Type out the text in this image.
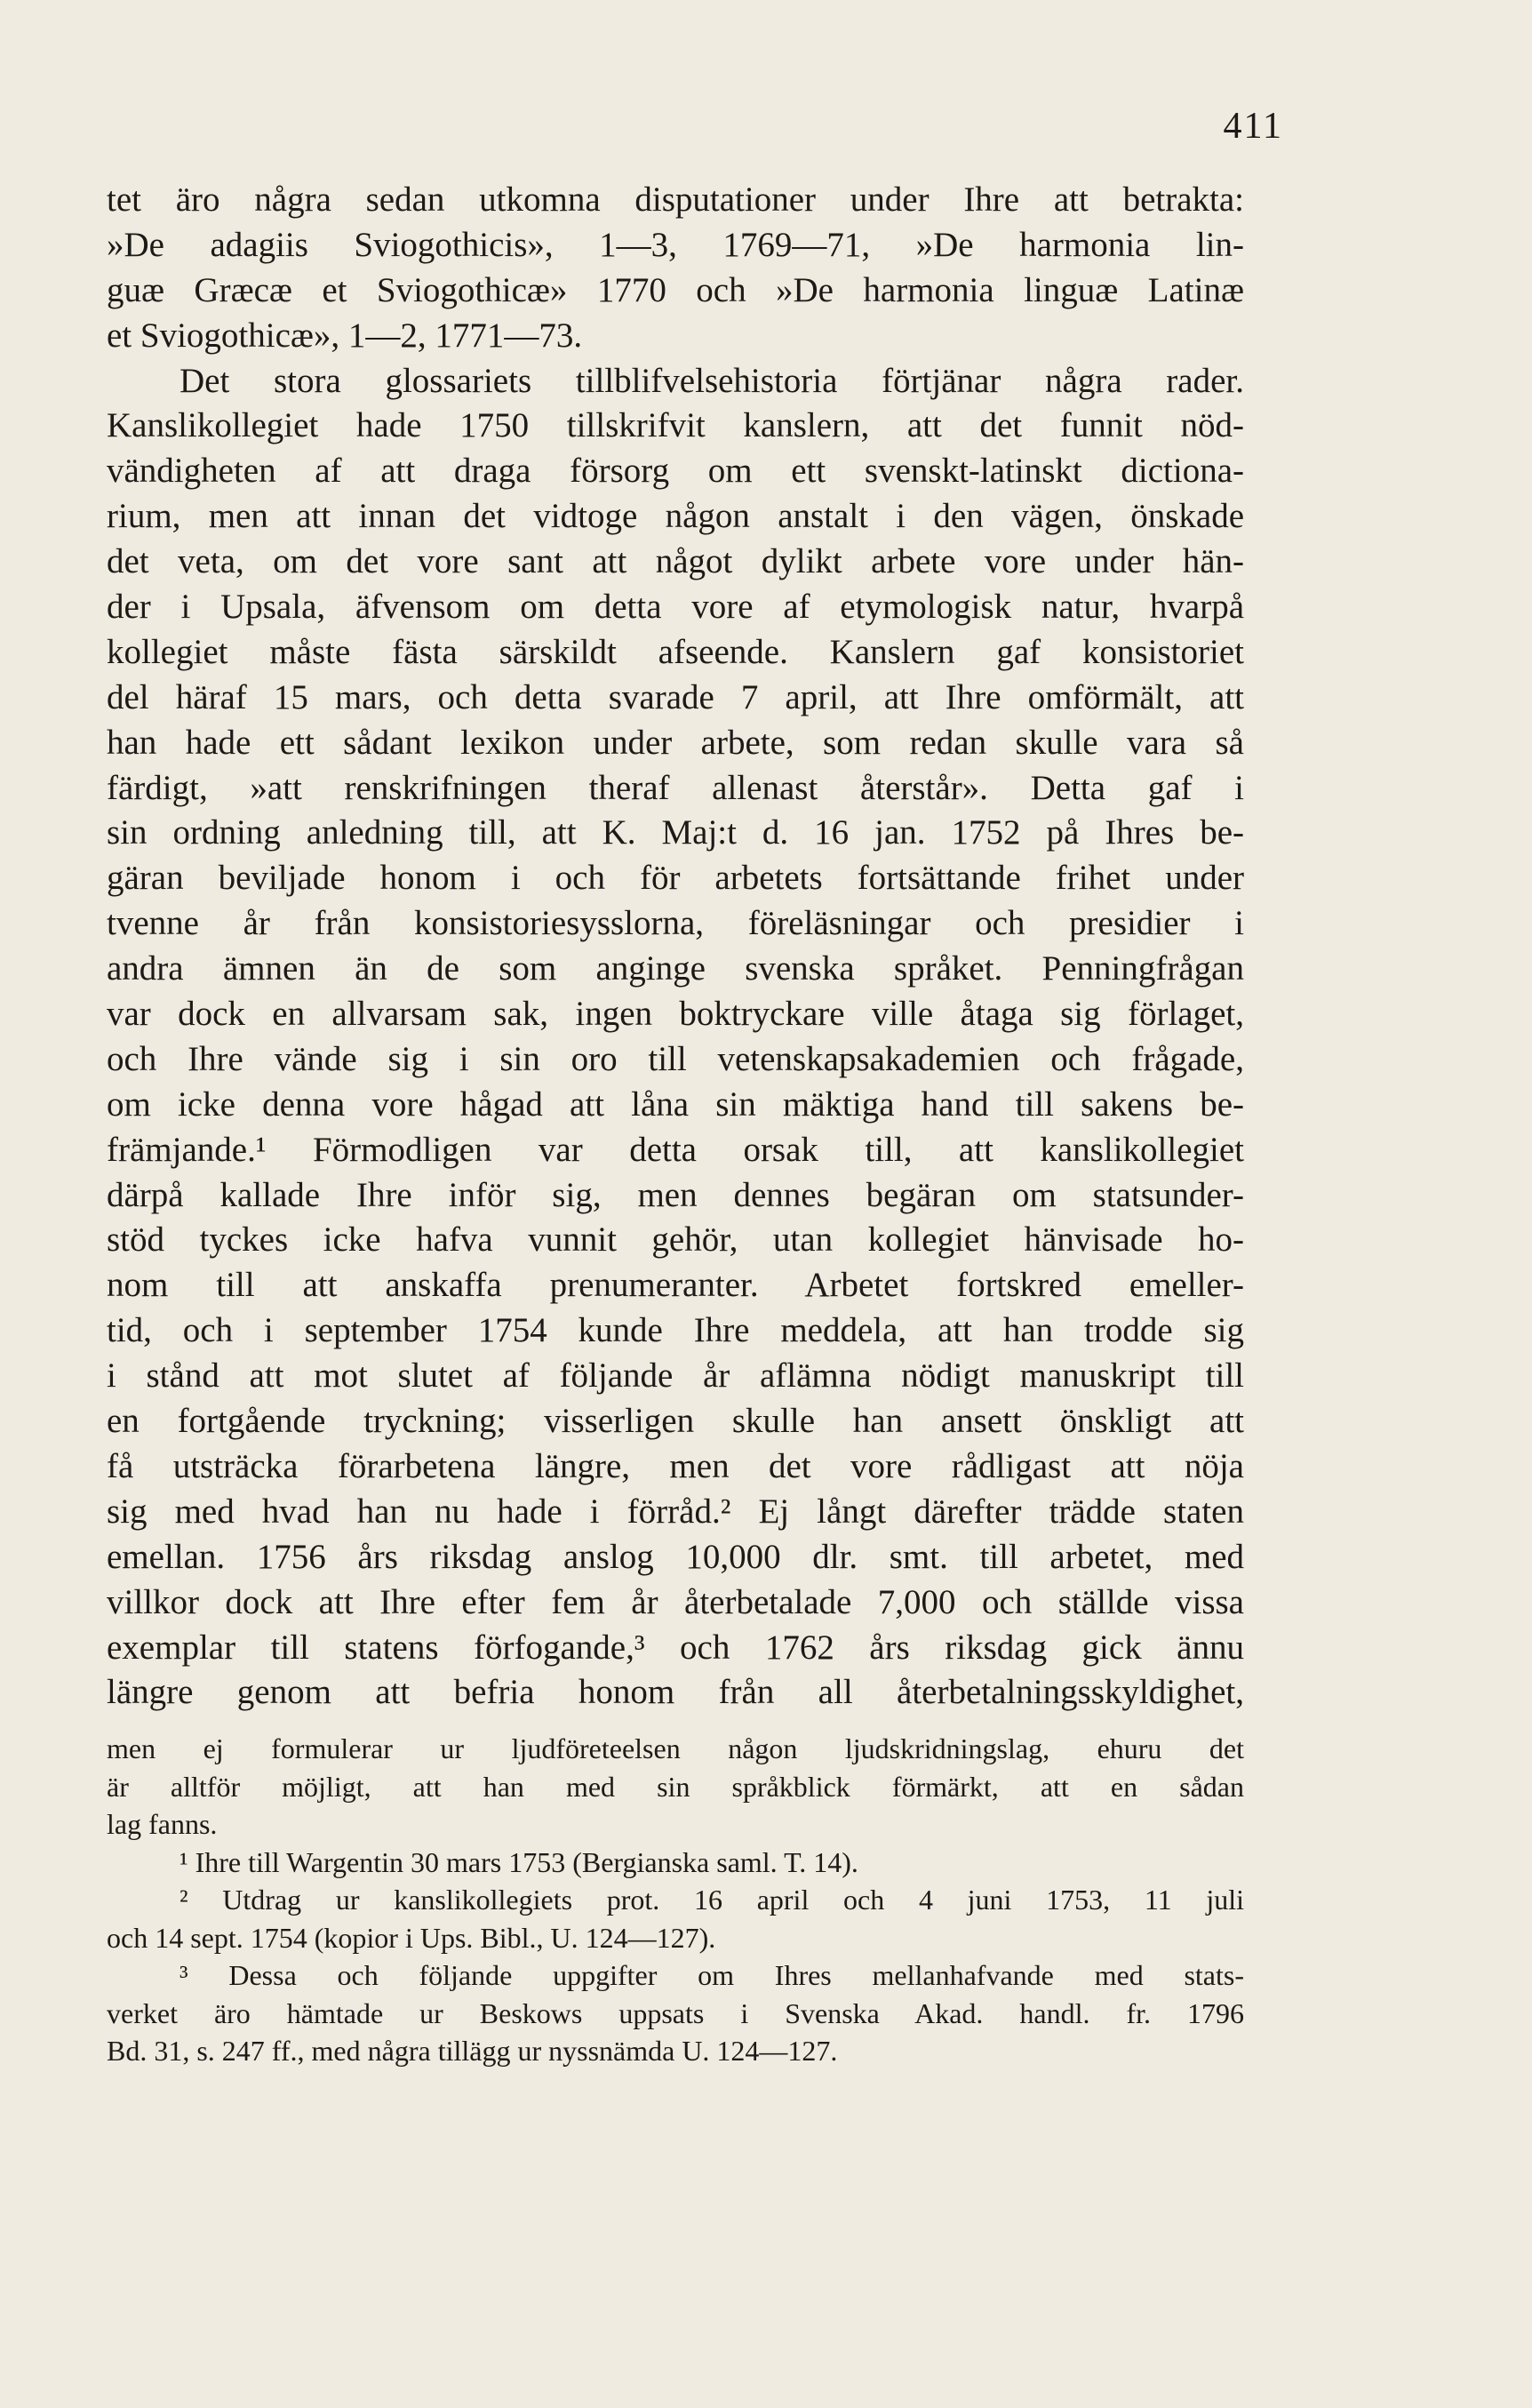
411
tet äro några sedan utkomna disputationer under Ihre att betrakta:
»De adagiis Sviogothicis», 1—3, 1769—71, »De harmonia lin-
guæ Græcæ et Sviogothicæ» 1770 och »De harmonia linguæ Latinæ
et Sviogothicæ», 1—2, 1771—73.
Det stora glossariets tillblifvelsehistoria förtjänar några rader.
Kanslikollegiet hade 1750 tillskrifvit kanslern, att det funnit nöd-
vändigheten af att draga försorg om ett svenskt-latinskt dictiona-
rium, men att innan det vidtoge någon anstalt i den vägen, önskade
det veta, om det vore sant att något dylikt arbete vore under hän-
der i Upsala, äfvensom om detta vore af etymologisk natur, hvarpå
kollegiet måste fästa särskildt afseende. Kanslern gaf konsistoriet
del häraf 15 mars, och detta svarade 7 april, att Ihre omförmält, att
han hade ett sådant lexikon under arbete, som redan skulle vara så
färdigt, »att renskrifningen theraf allenast återstår». Detta gaf i
sin ordning anledning till, att K. Maj:t d. 16 jan. 1752 på Ihres be-
gäran beviljade honom i och för arbetets fortsättande frihet under
tvenne år från konsistoriesysslorna, föreläsningar och presidier i
andra ämnen än de som anginge svenska språket. Penningfrågan
var dock en allvarsam sak, ingen boktryckare ville åtaga sig förlaget,
och Ihre vände sig i sin oro till vetenskapsakademien och frågade,
om icke denna vore hågad att låna sin mäktiga hand till sakens be-
främjande.¹ Förmodligen var detta orsak till, att kanslikollegiet
därpå kallade Ihre inför sig, men dennes begäran om statsunder-
stöd tyckes icke hafva vunnit gehör, utan kollegiet hänvisade ho-
nom till att anskaffa prenumeranter. Arbetet fortskred emeller-
tid, och i september 1754 kunde Ihre meddela, att han trodde sig
i stånd att mot slutet af följande år aflämna nödigt manuskript till
en fortgående tryckning; visserligen skulle han ansett önskligt att
få utsträcka förarbetena längre, men det vore rådligast att nöja
sig med hvad han nu hade i förråd.² Ej långt därefter trädde staten
emellan. 1756 års riksdag anslog 10,000 dlr. smt. till arbetet, med
villkor dock att Ihre efter fem år återbetalade 7,000 och ställde vissa
exemplar till statens förfogande,³ och 1762 års riksdag gick ännu
längre genom att befria honom från all återbetalningsskyldighet,
men ej formulerar ur ljudföreteelsen någon ljudskridningslag, ehuru det
är alltför möjligt, att han med sin språkblick förmärkt, att en sådan
lag fanns.
¹ Ihre till Wargentin 30 mars 1753 (Bergianska saml. T. 14).
² Utdrag ur kanslikollegiets prot. 16 april och 4 juni 1753, 11 juli
och 14 sept. 1754 (kopior i Ups. Bibl., U. 124—127).
³ Dessa och följande uppgifter om Ihres mellanhafvande med stats-
verket äro hämtade ur Beskows uppsats i Svenska Akad. handl. fr. 1796
Bd. 31, s. 247 ff., med några tillägg ur nyssnämda U. 124—127.
